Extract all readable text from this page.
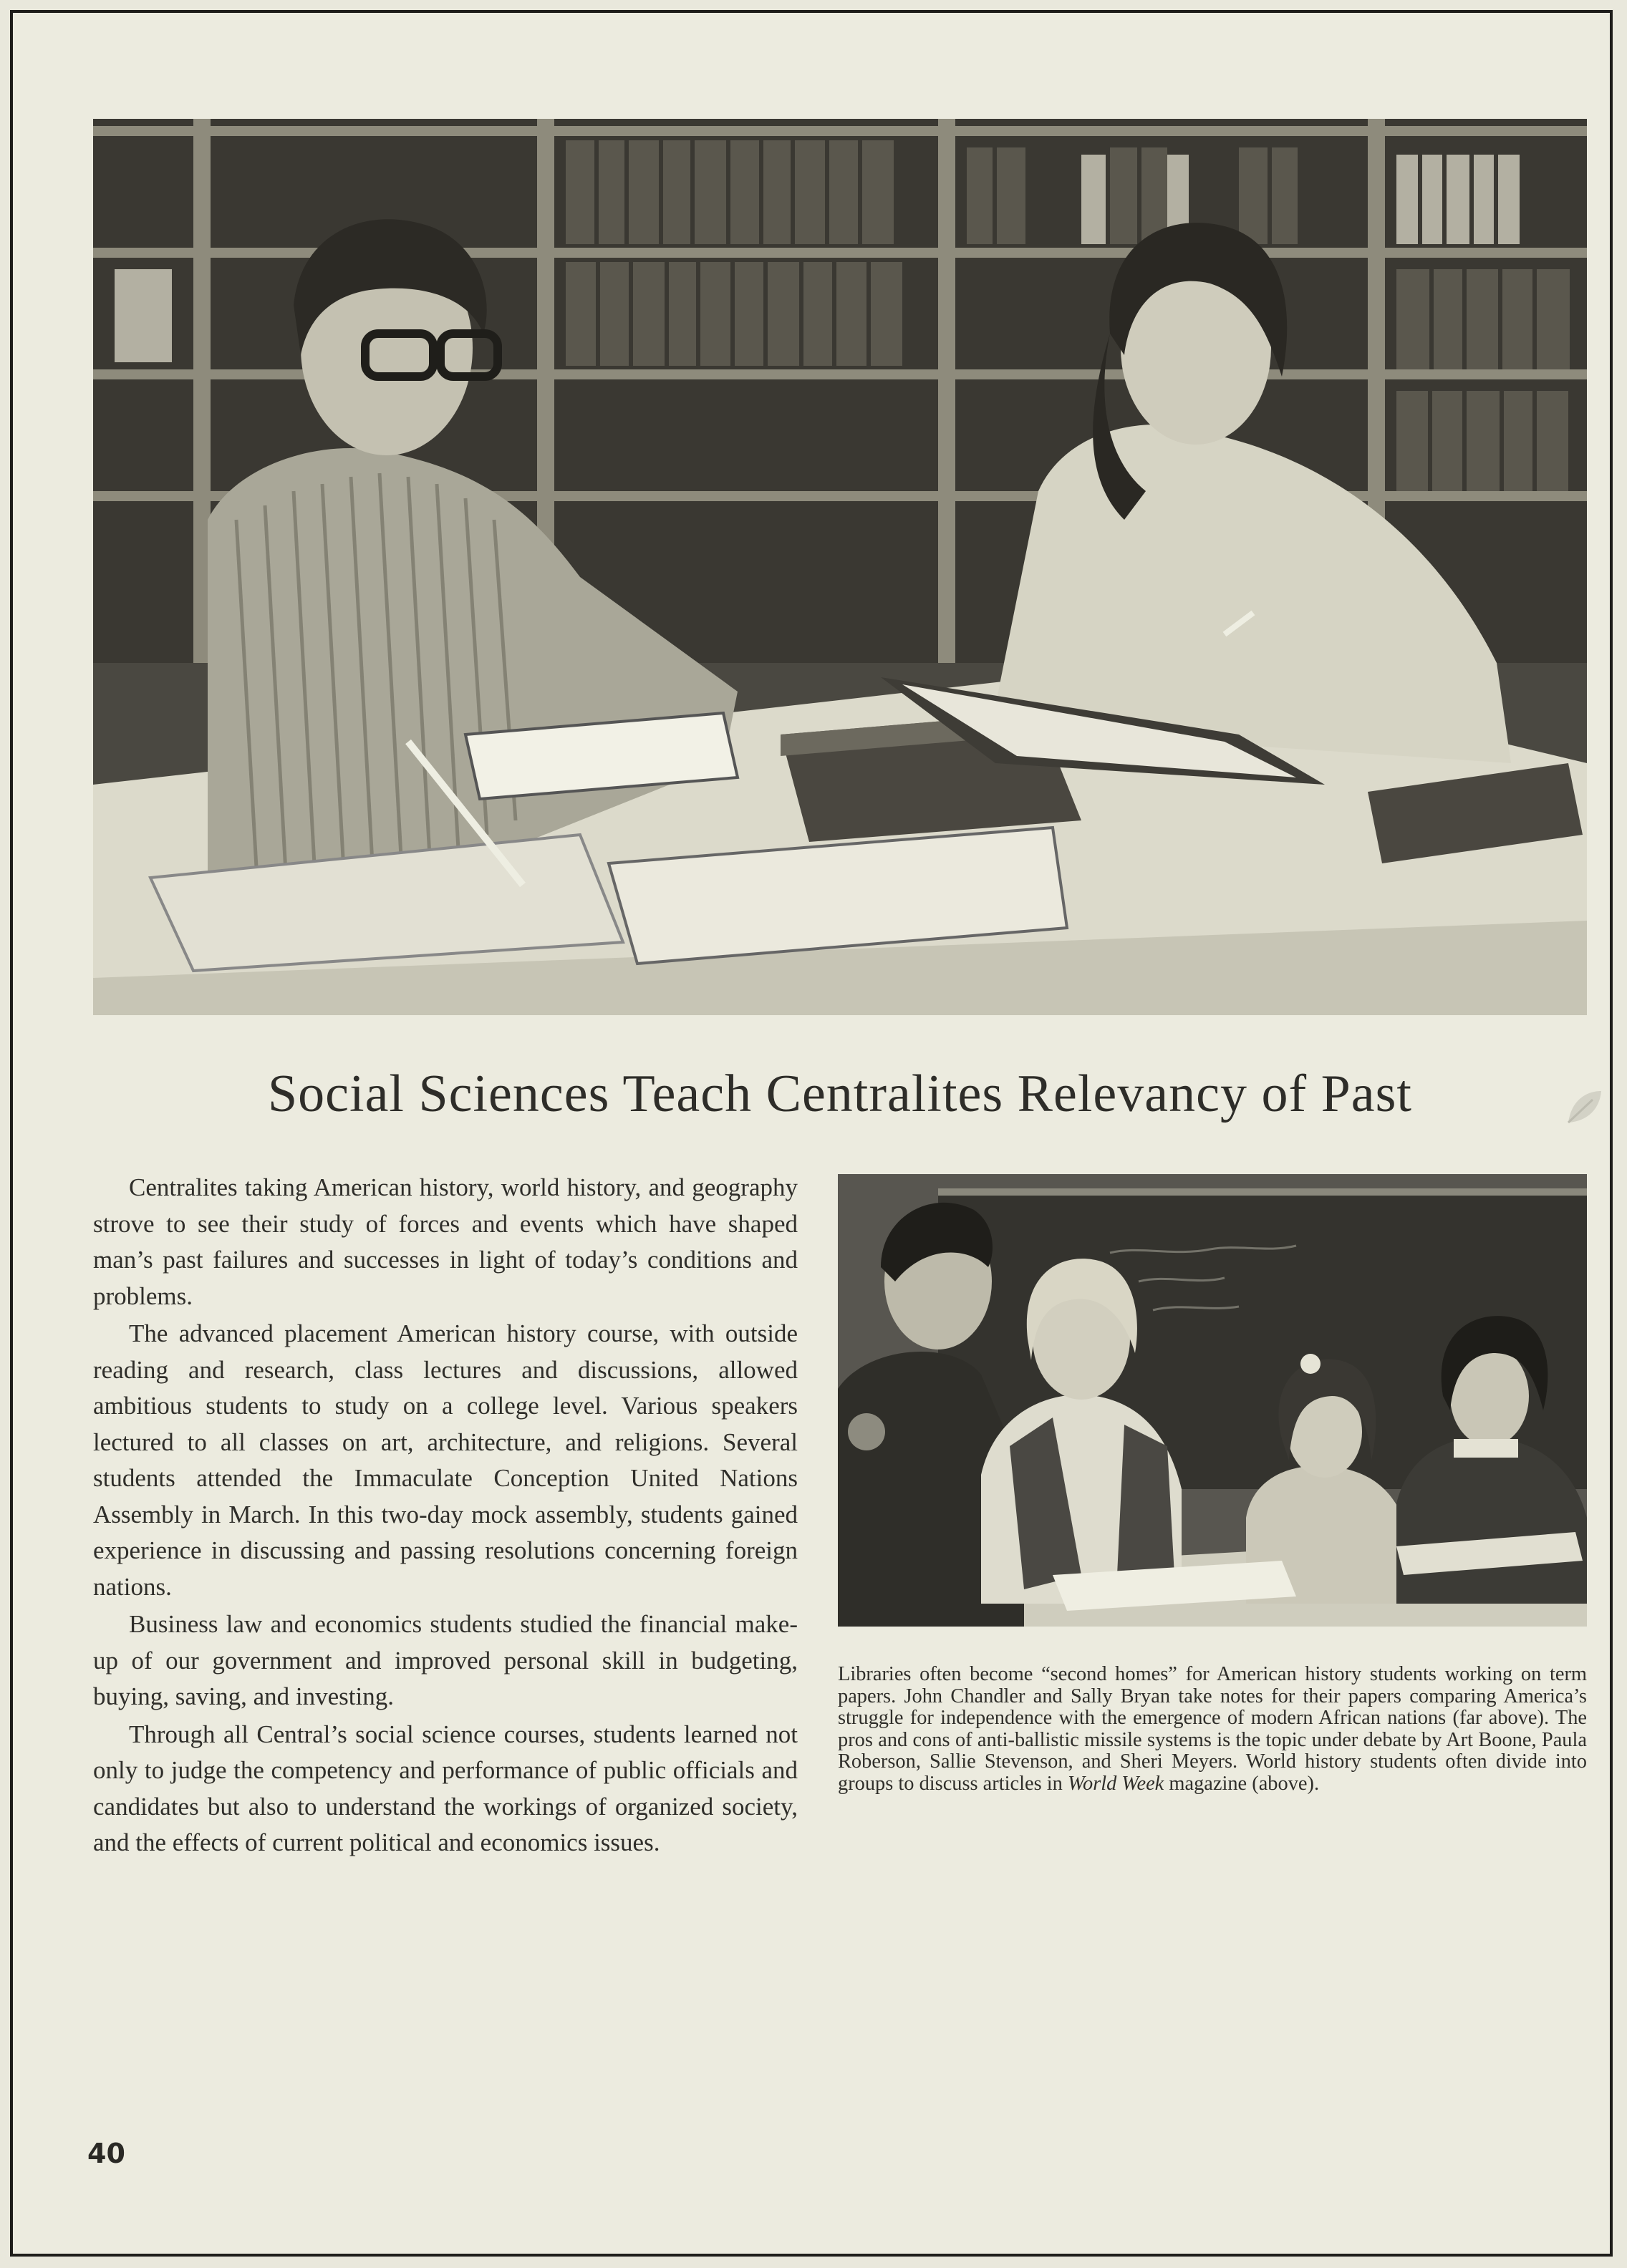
Social Sciences Teach Centralites Relevancy of Past

Centralites taking American history, world history, and geography strove to see their study of forces and events which have shaped man’s past failures and successes in light of today’s conditions and problems.

The advanced placement American history course, with outside reading and research, class lectures and discussions, allowed ambitious students to study on a college level. Various speakers lectured to all classes on art, architecture, and religions. Several students attended the Immaculate Conception United Nations Assembly in March. In this two-day mock assembly, students gained experience in discussing and passing resolutions concerning foreign nations.

Business law and economics students studied the financial make-up of our government and improved personal skill in budgeting, buying, saving, and investing.

Through all Central’s social science courses, students learned not only to judge the competency and performance of public officials and candidates but also to understand the workings of organized society, and the effects of current political and economics issues.

Libraries often become “second homes” for American history students working on term papers. John Chandler and Sally Bryan take notes for their papers comparing America’s struggle for independence with the emergence of modern African nations (far above). The pros and cons of anti-ballistic missile systems is the topic under debate by Art Boone, Paula Roberson, Sallie Stevenson, and Sheri Meyers. World history students often divide into groups to discuss articles in World Week magazine (above).

40
